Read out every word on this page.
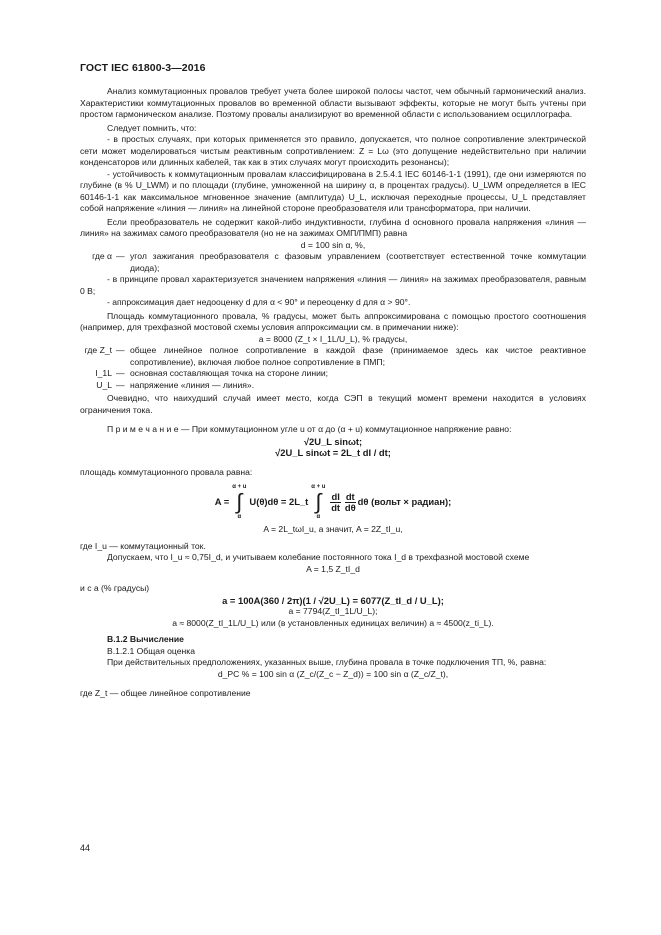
ГОСТ IEC 61800-3—2016

Анализ коммутационных провалов требует учета более широкой полосы частот, чем обычный гармонический анализ. Характеристики коммутационных провалов во временной области вызывают эффекты, которые не могут быть учтены при простом гармоническом анализе. Поэтому провалы анализируют во временной области с использованием осциллографа.

Следует помнить, что:

- в простых случаях, при которых применяется это правило, допускается, что полное сопротивление электрической сети может моделироваться чистым реактивным сопротивлением: Z = Lω (это допущение недействительно при наличии конденсаторов или длинных кабелей, так как в этих случаях могут происходить резонансы);

- устойчивость к коммутационным провалам классифицирована в 2.5.4.1 IEC 60146-1-1 (1991), где они измеряются по глубине (в % U_LWM) и по площади (глубине, умноженной на ширину α, в процентах градусы). U_LWM определяется в IEC 60146-1-1 как максимальное мгновенное значение (амплитуда) U_L, исключая переходные процессы, U_L представляет собой напряжение «линия — линия» на линейной стороне преобразователя или трансформатора, при наличии.

Если преобразователь не содержит какой-либо индуктивности, глубина d основного провала напряжения «линия — линия» на зажимах самого преобразователя (но не на зажимах ОМП/ПМП) равна

d = 100 sin α, %,

где α — угол зажигания преобразователя с фазовым управлением (соответствует естественной точке коммутации диода);

- в принципе провал характеризуется значением напряжения «линия — линия» на зажимах преобразователя, равным 0 В;

- аппроксимация дает недооценку d для α < 90° и переоценку d для α > 90°.

Площадь коммутационного провала, % градусы, может быть аппроксимирована с помощью простого соотношения (например, для трехфазной мостовой схемы условия аппроксимации см. в примечании ниже):

a = 8000 (Z_t × I_1L/U_L), % градусы,

где Z_t — общее линейное полное сопротивление в каждой фазе (принимаемое здесь как чистое реактивное сопротивление), включая любое полное сопротивление в ПМП;
I_1L — основная составляющая точка на стороне линии;
U_L — напряжение «линия — линия».

Очевидно, что наихудший случай имеет место, когда СЭП в текущий момент времени находится в условиях ограничения тока.

П р и м е ч а н и е — При коммутационном угле u от α до (α + u) коммутационное напряжение равно:

√2U_L sinωt;

√2U_L sinωt = 2L_t dI / dt;

площадь коммутационного провала равна:

A =
α + u
∫
α
U(θ)dθ = 2L_t
α + u
∫
α
$\frac{dI}{dt} \frac{dt}{d\theta}$ dθ (вольт × радиан);

A = 2L_tωI_u, а значит, A = 2Z_tI_u,

где I_u — коммутационный ток.

Допускаем, что I_u ≈ 0,75I_d, и учитываем колебание постоянного тока I_d в трехфазной мостовой схеме

A = 1,5 Z_tI_d

и с a (% градусы)

a = 100A(360 / 2π)(1 / √2U_L) = 6077(Z_tI_d / U_L);

a = 7794(Z_tI_1L/U_L);

a ≈ 8000(Z_tI_1L/U_L) или (в установленных единицах величин) a ≈ 4500(z_ti_L).

В.1.2 Вычисление

В.1.2.1 Общая оценка

При действительных предположениях, указанных выше, глубина провала в точке подключения ТП, %, равна:

d_PC % = 100 sin α (Z_c/(Z_c − Z_d)) = 100 sin α (Z_c/Z_t),

где Z_t — общее линейное сопротивление

44
